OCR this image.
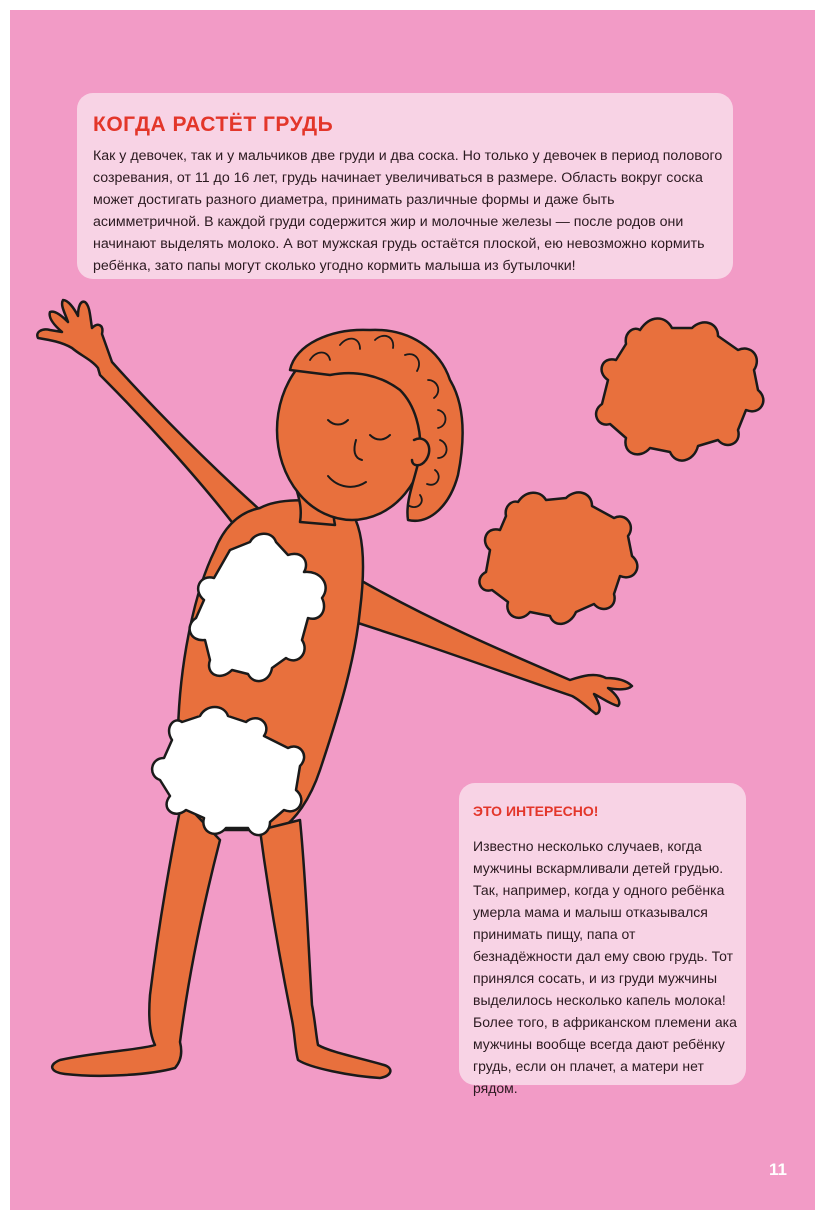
КОГДА РАСТЁТ ГРУДЬ

Как у девочек, так и у мальчиков две груди и два соска. Но только у девочек в период полового созревания, от 11 до 16 лет, грудь начинает увеличиваться в размере. Область вокруг соска может достигать разного диаметра, принимать различные формы и даже быть асимметричной. В каждой груди содержится жир и молочные железы — после родов они начинают выделять молоко. А вот мужская грудь остаётся плоской, ею невозможно кормить ребёнка, зато папы могут сколько угодно кормить малыша из бутылочки!

ЭТО ИНТЕРЕСНО!

Известно несколько случаев, когда мужчины вскармливали детей грудью. Так, например, когда у одного ребёнка умерла мама и малыш отказывался принимать пищу, папа от безнадёжности дал ему свою грудь. Тот принялся сосать, и из груди мужчины выделилось несколько капель молока! Более того, в африканском племени ака мужчины вообще всегда дают ребёнку грудь, если он плачет, а матери нет рядом.

11
